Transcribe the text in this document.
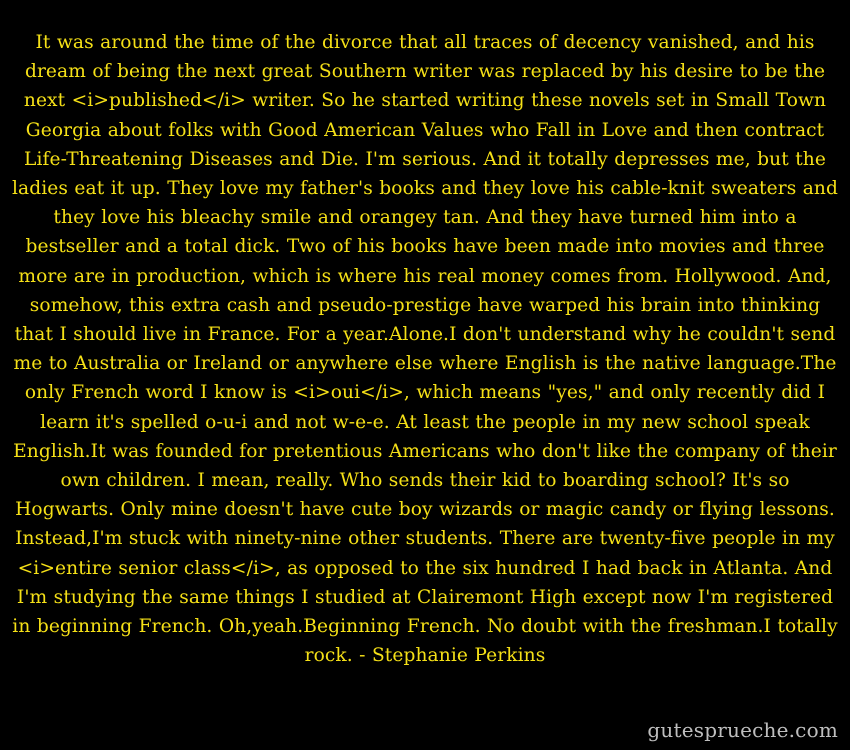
It was around the time of the divorce that all traces of decency vanished, and his dream of being the next great Southern writer was replaced by his desire to be the next <i>published</i> writer. So he started writing these novels set in Small Town Georgia about folks with Good American Values who Fall in Love and then contract Life-Threatening Diseases and Die. I'm serious. And it totally depresses me, but the ladies eat it up. They love my father's books and they love his cable-knit sweaters and they love his bleachy smile and orangey tan. And they have turned him into a bestseller and a total dick. Two of his books have been made into movies and three more are in production, which is where his real money comes from. Hollywood. And, somehow, this extra cash and pseudo-prestige have warped his brain into thinking that I should live in France. For a year.Alone.I don't understand why he couldn't send me to Australia or Ireland or anywhere else where English is the native language.The only French word I know is <i>oui</i>, which means "yes," and only recently did I learn it's spelled o-u-i and not w-e-e. At least the people in my new school speak English.It was founded for pretentious Americans who don't like the company of their own children. I mean, really. Who sends their kid to boarding school? It's so Hogwarts. Only mine doesn't have cute boy wizards or magic candy or flying lessons. Instead,I'm stuck with ninety-nine other students. There are twenty-five people in my <i>entire senior class</i>, as opposed to the six hundred I had back in Atlanta. And I'm studying the same things I studied at Clairemont High except now I'm registered in beginning French. Oh,yeah.Beginning French. No doubt with the freshman.I totally rock. - Stephanie Perkins

gutesprueche.com
